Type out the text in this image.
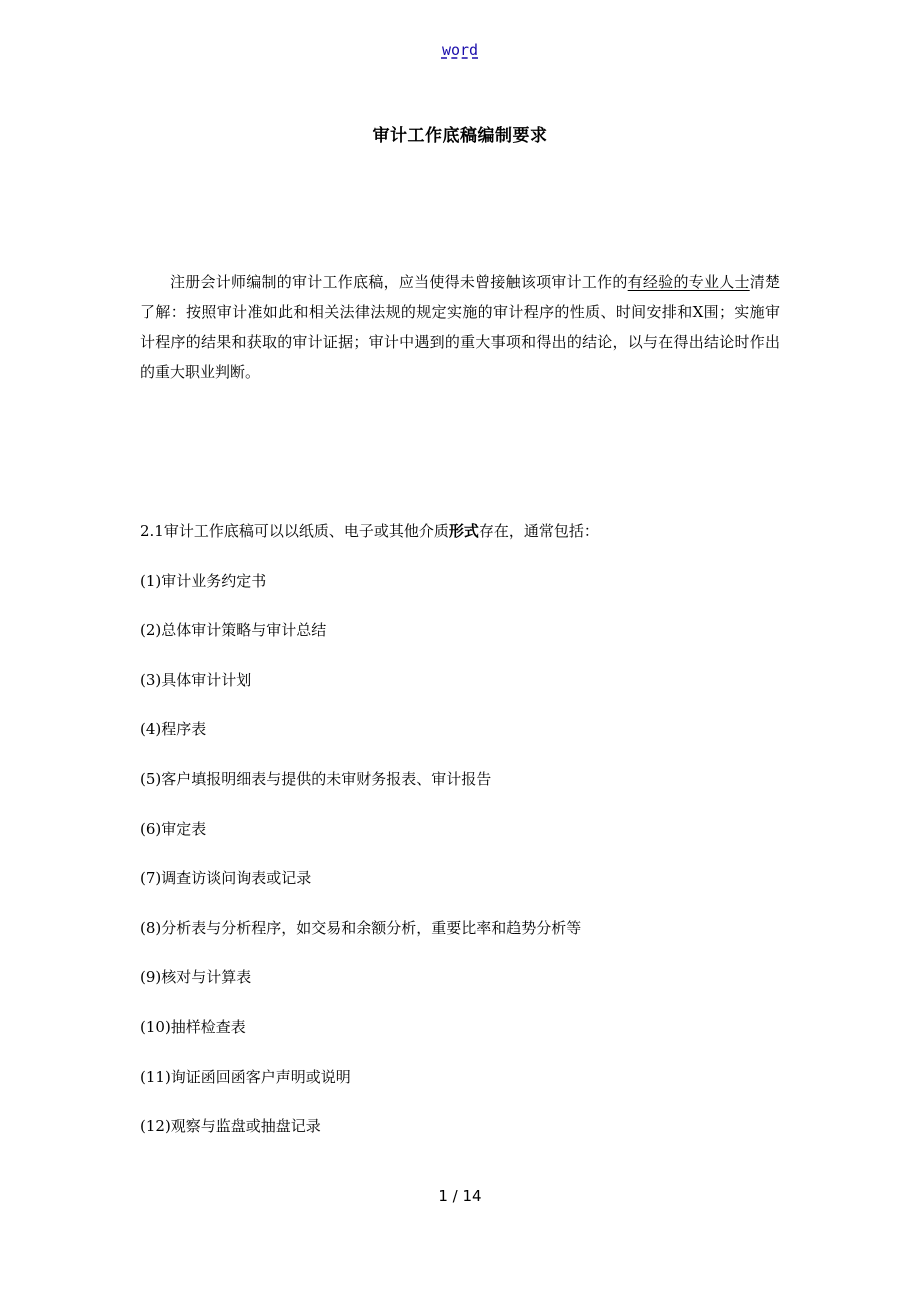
word
审计工作底稿编制要求
注册会计师编制的审计工作底稿，应当使得未曾接触该项审计工作的有经验的专业人士清楚了解：按照审计准如此和相关法律法规的规定实施的审计程序的性质、时间安排和X围；实施审计程序的结果和获取的审计证据；审计中遇到的重大事项和得出的结论，以与在得出结论时作出的重大职业判断。
2.1审计工作底稿可以以纸质、电子或其他介质形式存在，通常包括：
(1)审计业务约定书
(2)总体审计策略与审计总结
(3)具体审计计划
(4)程序表
(5)客户填报明细表与提供的未审财务报表、审计报告
(6)审定表
(7)调查访谈问询表或记录
(8)分析表与分析程序，如交易和余额分析，重要比率和趋势分析等
(9)核对与计算表
(10)抽样检查表
(11)询证函回函客户声明或说明
(12)观察与监盘或抽盘记录
1 / 14
